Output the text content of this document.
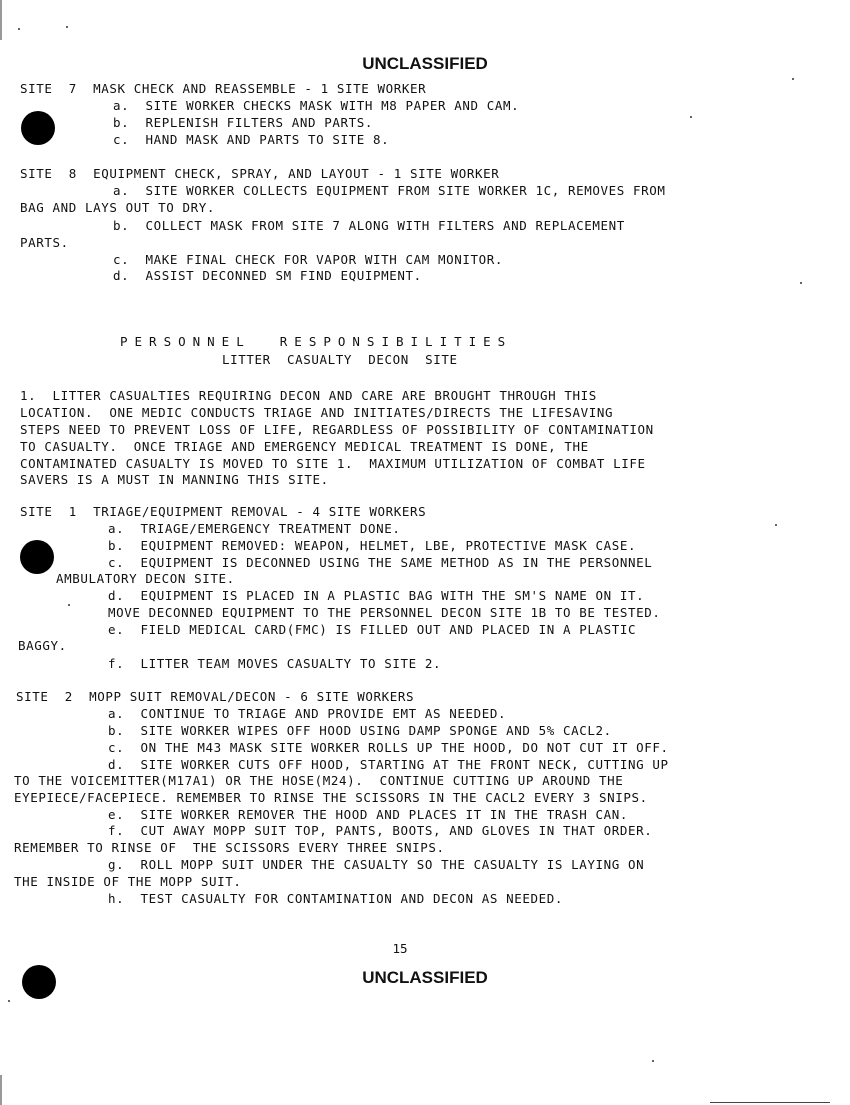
UNCLASSIFIED
SITE  7  MASK CHECK AND REASSEMBLE - 1 SITE WORKER
a.  SITE WORKER CHECKS MASK WITH M8 PAPER AND CAM.
b.  REPLENISH FILTERS AND PARTS.
c.  HAND MASK AND PARTS TO SITE 8.
SITE  8  EQUIPMENT CHECK, SPRAY, AND LAYOUT - 1 SITE WORKER
a.  SITE WORKER COLLECTS EQUIPMENT FROM SITE WORKER 1C, REMOVES FROM
BAG AND LAYS OUT TO DRY.
b.  COLLECT MASK FROM SITE 7 ALONG WITH FILTERS AND REPLACEMENT
PARTS.
c.  MAKE FINAL CHECK FOR VAPOR WITH CAM MONITOR.
d.  ASSIST DECONNED SM FIND EQUIPMENT.
PERSONNEL  RESPONSIBILITIES
LITTER  CASUALTY  DECON  SITE
1.  LITTER CASUALTIES REQUIRING DECON AND CARE ARE BROUGHT THROUGH THIS
LOCATION.  ONE MEDIC CONDUCTS TRIAGE AND INITIATES/DIRECTS THE LIFESAVING
STEPS NEED TO PREVENT LOSS OF LIFE, REGARDLESS OF POSSIBILITY OF CONTAMINATION
TO CASUALTY.  ONCE TRIAGE AND EMERGENCY MEDICAL TREATMENT IS DONE, THE
CONTAMINATED CASUALTY IS MOVED TO SITE 1.  MAXIMUM UTILIZATION OF COMBAT LIFE
SAVERS IS A MUST IN MANNING THIS SITE.
SITE  1  TRIAGE/EQUIPMENT REMOVAL - 4 SITE WORKERS
a.  TRIAGE/EMERGENCY TREATMENT DONE.
b.  EQUIPMENT REMOVED: WEAPON, HELMET, LBE, PROTECTIVE MASK CASE.
c.  EQUIPMENT IS DECONNED USING THE SAME METHOD AS IN THE PERSONNEL
AMBULATORY DECON SITE.
d.  EQUIPMENT IS PLACED IN A PLASTIC BAG WITH THE SM'S NAME ON IT.
MOVE DECONNED EQUIPMENT TO THE PERSONNEL DECON SITE 1B TO BE TESTED.
e.  FIELD MEDICAL CARD(FMC) IS FILLED OUT AND PLACED IN A PLASTIC
BAGGY.
f.  LITTER TEAM MOVES CASUALTY TO SITE 2.
SITE  2  MOPP SUIT REMOVAL/DECON - 6 SITE WORKERS
a.  CONTINUE TO TRIAGE AND PROVIDE EMT AS NEEDED.
b.  SITE WORKER WIPES OFF HOOD USING DAMP SPONGE AND 5% CACL2.
c.  ON THE M43 MASK SITE WORKER ROLLS UP THE HOOD, DO NOT CUT IT OFF.
d.  SITE WORKER CUTS OFF HOOD, STARTING AT THE FRONT NECK, CUTTING UP
TO THE VOICEMITTER(M17A1) OR THE HOSE(M24).  CONTINUE CUTTING UP AROUND THE
EYEPIECE/FACEPIECE. REMEMBER TO RINSE THE SCISSORS IN THE CACL2 EVERY 3 SNIPS.
e.  SITE WORKER REMOVER THE HOOD AND PLACES IT IN THE TRASH CAN.
f.  CUT AWAY MOPP SUIT TOP, PANTS, BOOTS, AND GLOVES IN THAT ORDER.
REMEMBER TO RINSE OF  THE SCISSORS EVERY THREE SNIPS.
g.  ROLL MOPP SUIT UNDER THE CASUALTY SO THE CASUALTY IS LAYING ON
THE INSIDE OF THE MOPP SUIT.
h.  TEST CASUALTY FOR CONTAMINATION AND DECON AS NEEDED.
15
UNCLASSIFIED
